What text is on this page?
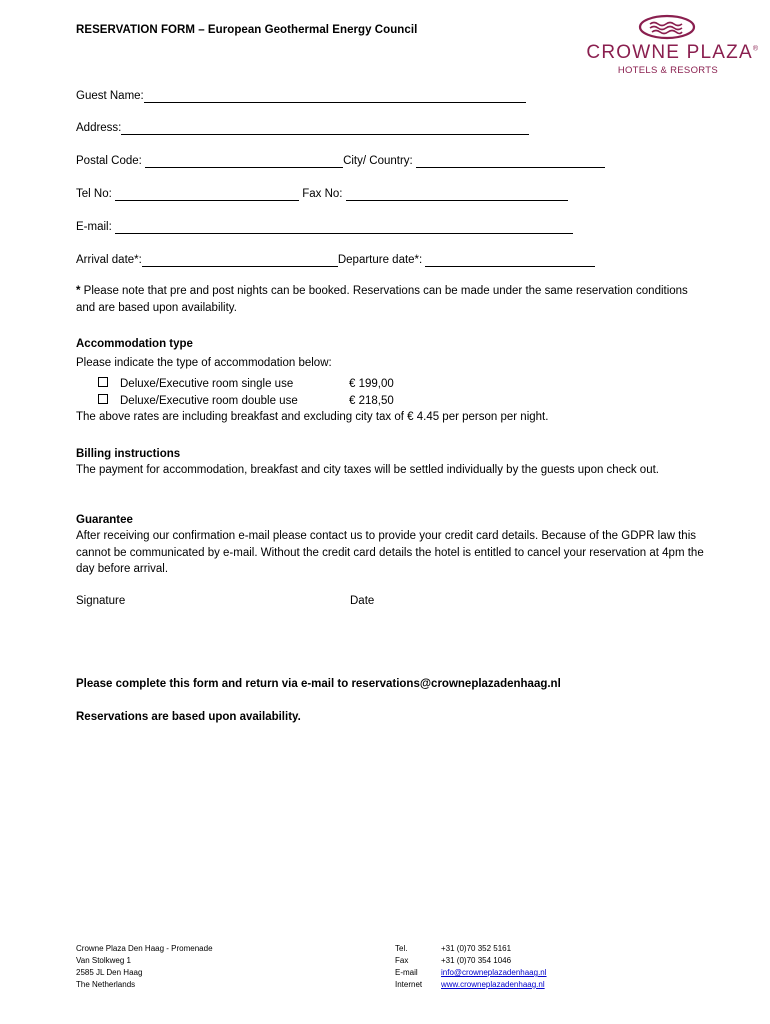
RESERVATION FORM – European Geothermal Energy Council
CROWNE PLAZA®
HOTELS & RESORTS
Guest Name:
Address:
Postal Code:	City/ Country:
Tel No:	Fax No:
E-mail:
Arrival date*:	Departure date*:
* Please note that pre and post nights can be booked. Reservations can be made under the same reservation conditions and are based upon availability.
Accommodation type
Please indicate the type of accommodation below:
Deluxe/Executive room single use	€ 199,00
Deluxe/Executive room double use	€ 218,50
The above rates are including breakfast and excluding city tax of € 4.45 per person per night.
Billing instructions
The payment for accommodation, breakfast and city taxes will be settled individually by the guests upon check out.
Guarantee
After receiving our confirmation e-mail please contact us to provide your credit card details. Because of the GDPR law this cannot be communicated by e-mail. Without the credit card details the hotel is entitled to cancel your reservation at 4pm the day before arrival.
Signature	Date
Please complete this form and return via e-mail to reservations@crowneplazadenhaag.nl
Reservations are based upon availability.
Crowne Plaza Den Haag - Promenade
Van Stolkweg 1
2585 JL Den Haag
The Netherlands
Tel.	+31 (0)70 352 5161
Fax	+31 (0)70 354 1046
E-mail	info@crowneplazadenhaag.nl
Internet www.crowneplazadenhaag.nl
